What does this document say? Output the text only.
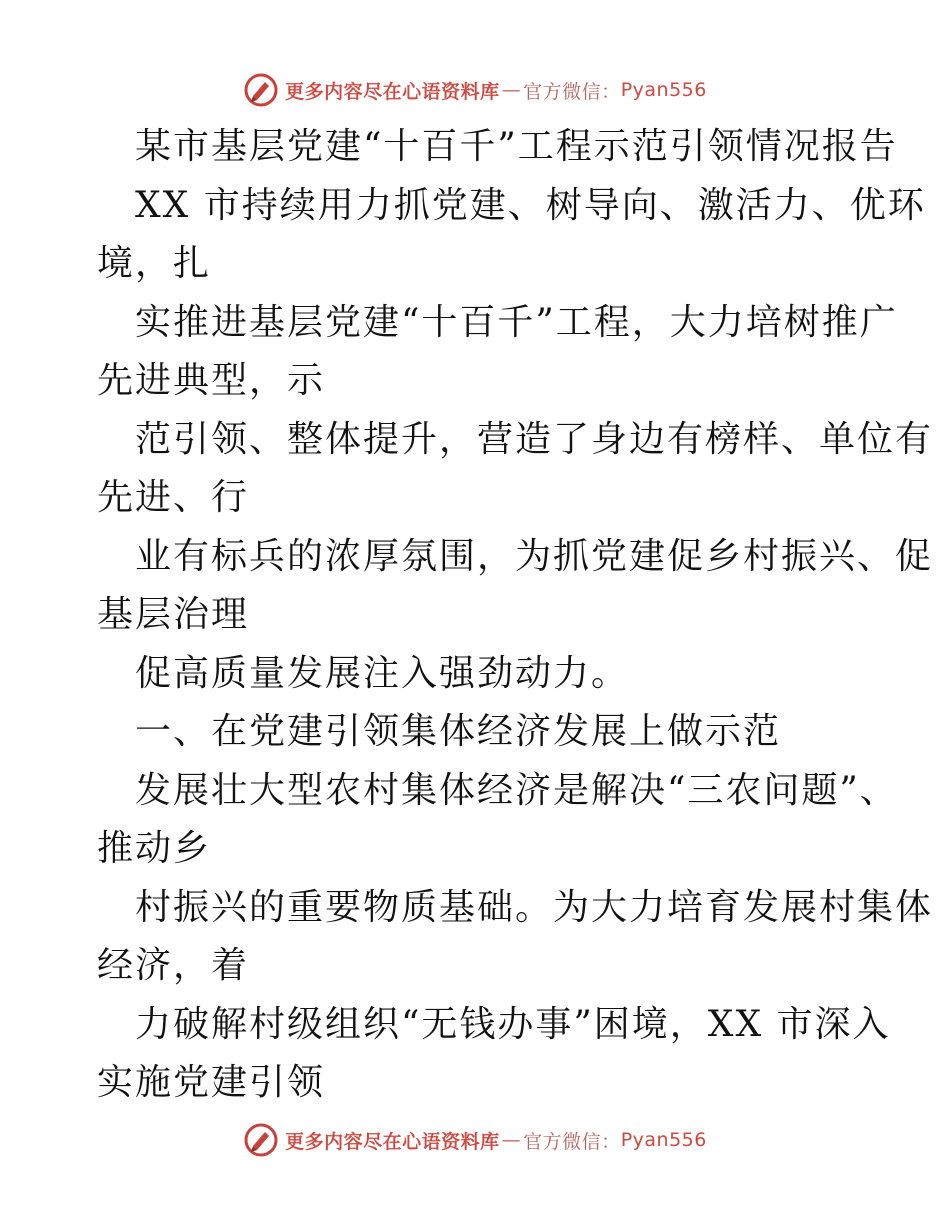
更多内容尽在心语资料库 — 官方微信： Pyan556
某市基层党建“十百千”工程示范引领情况报告
XX 市持续用力抓党建、树导向、激活力、优环
境，扎
实推进基层党建“十百千”工程，大力培树推广
先进典型，示
范引领、整体提升，营造了身边有榜样、单位有
先进、行
业有标兵的浓厚氛围，为抓党建促乡村振兴、促
基层治理
促高质量发展注入强劲动力。
一、在党建引领集体经济发展上做示范
发展壮大型农村集体经济是解决“三农问题”、
推动乡
村振兴的重要物质基础。为大力培育发展村集体
经济，着
力破解村级组织“无钱办事”困境，XX 市深入
实施党建引领
更多内容尽在心语资料库 — 官方微信： Pyan556
